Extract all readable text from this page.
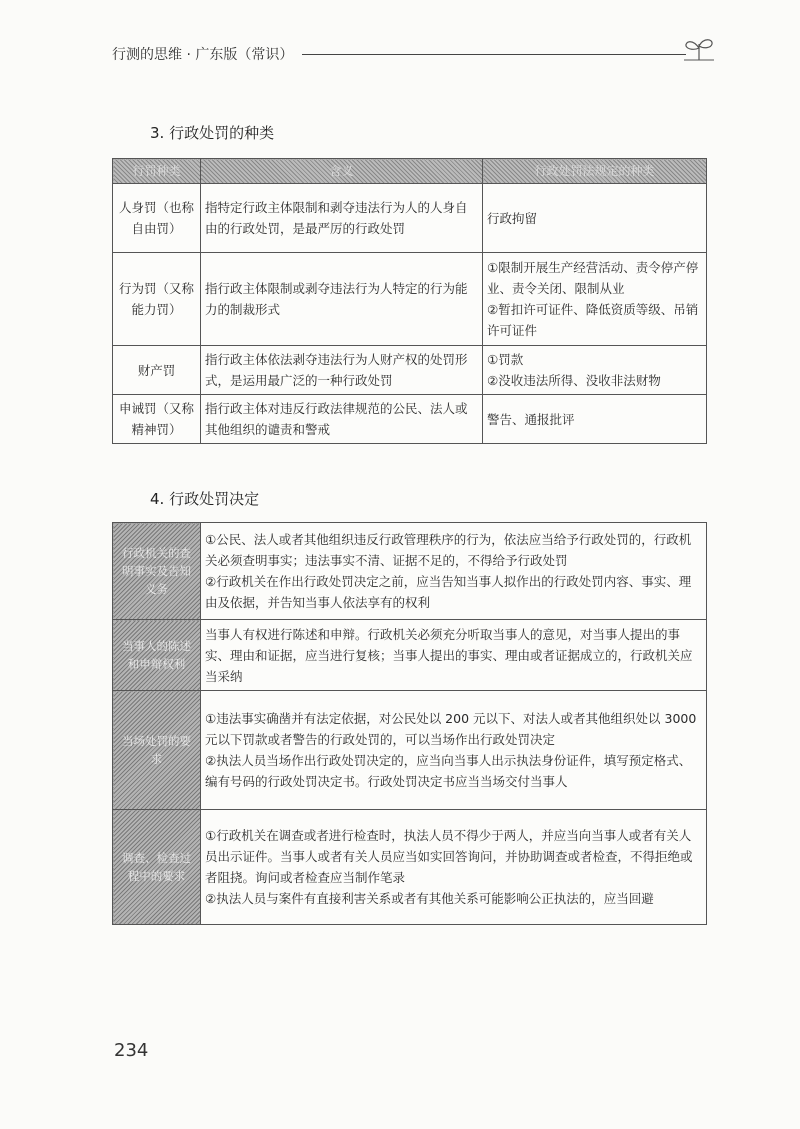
行测的思维 · 广东版（常识）
3. 行政处罚的种类
行罚种类	含义	行政处罚法规定的种类
人身罚（也称自由罚）	指特定行政主体限制和剥夺违法行为人的人身自由的行政处罚，是最严厉的行政处罚	行政拘留

行为罚（又称能力罚）	指行政主体限制或剥夺违法行为人特定的行为能力的制裁形式	①限制开展生产经营活动、责令停产停业、责令关闭、限制从业
②暂扣许可证件、降低资质等级、吊销许可证件

财产罚	指行政主体依法剥夺违法行为人财产权的处罚形式，是运用最广泛的一种行政处罚	①罚款
②没收违法所得、没收非法财物

申诫罚（又称精神罚）	指行政主体对违反行政法律规范的公民、法人或其他组织的谴责和警戒	警告、通报批评
4. 行政处罚决定
行政机关的查明事实及告知义务	①公民、法人或者其他组织违反行政管理秩序的行为，依法应当给予行政处罚的，行政机关必须查明事实；违法事实不清、证据不足的，不得给予行政处罚
②行政机关在作出行政处罚决定之前，应当告知当事人拟作出的行政处罚内容、事实、理由及依据，并告知当事人依法享有的权利

当事人的陈述和申辩权利	当事人有权进行陈述和申辩。行政机关必须充分听取当事人的意见，对当事人提出的事实、理由和证据，应当进行复核；当事人提出的事实、理由或者证据成立的，行政机关应当采纳

当场处罚的要求	①违法事实确凿并有法定依据，对公民处以 200 元以下、对法人或者其他组织处以 3000 元以下罚款或者警告的行政处罚的，可以当场作出行政处罚决定
②执法人员当场作出行政处罚决定的，应当向当事人出示执法身份证件，填写预定格式、编有号码的行政处罚决定书。行政处罚决定书应当当场交付当事人

调查、检查过程中的要求	①行政机关在调查或者进行检查时，执法人员不得少于两人，并应当向当事人或者有关人员出示证件。当事人或者有关人员应当如实回答询问，并协助调查或者检查，不得拒绝或者阻挠。询问或者检查应当制作笔录
②执法人员与案件有直接利害关系或者有其他关系可能影响公正执法的，应当回避
234
